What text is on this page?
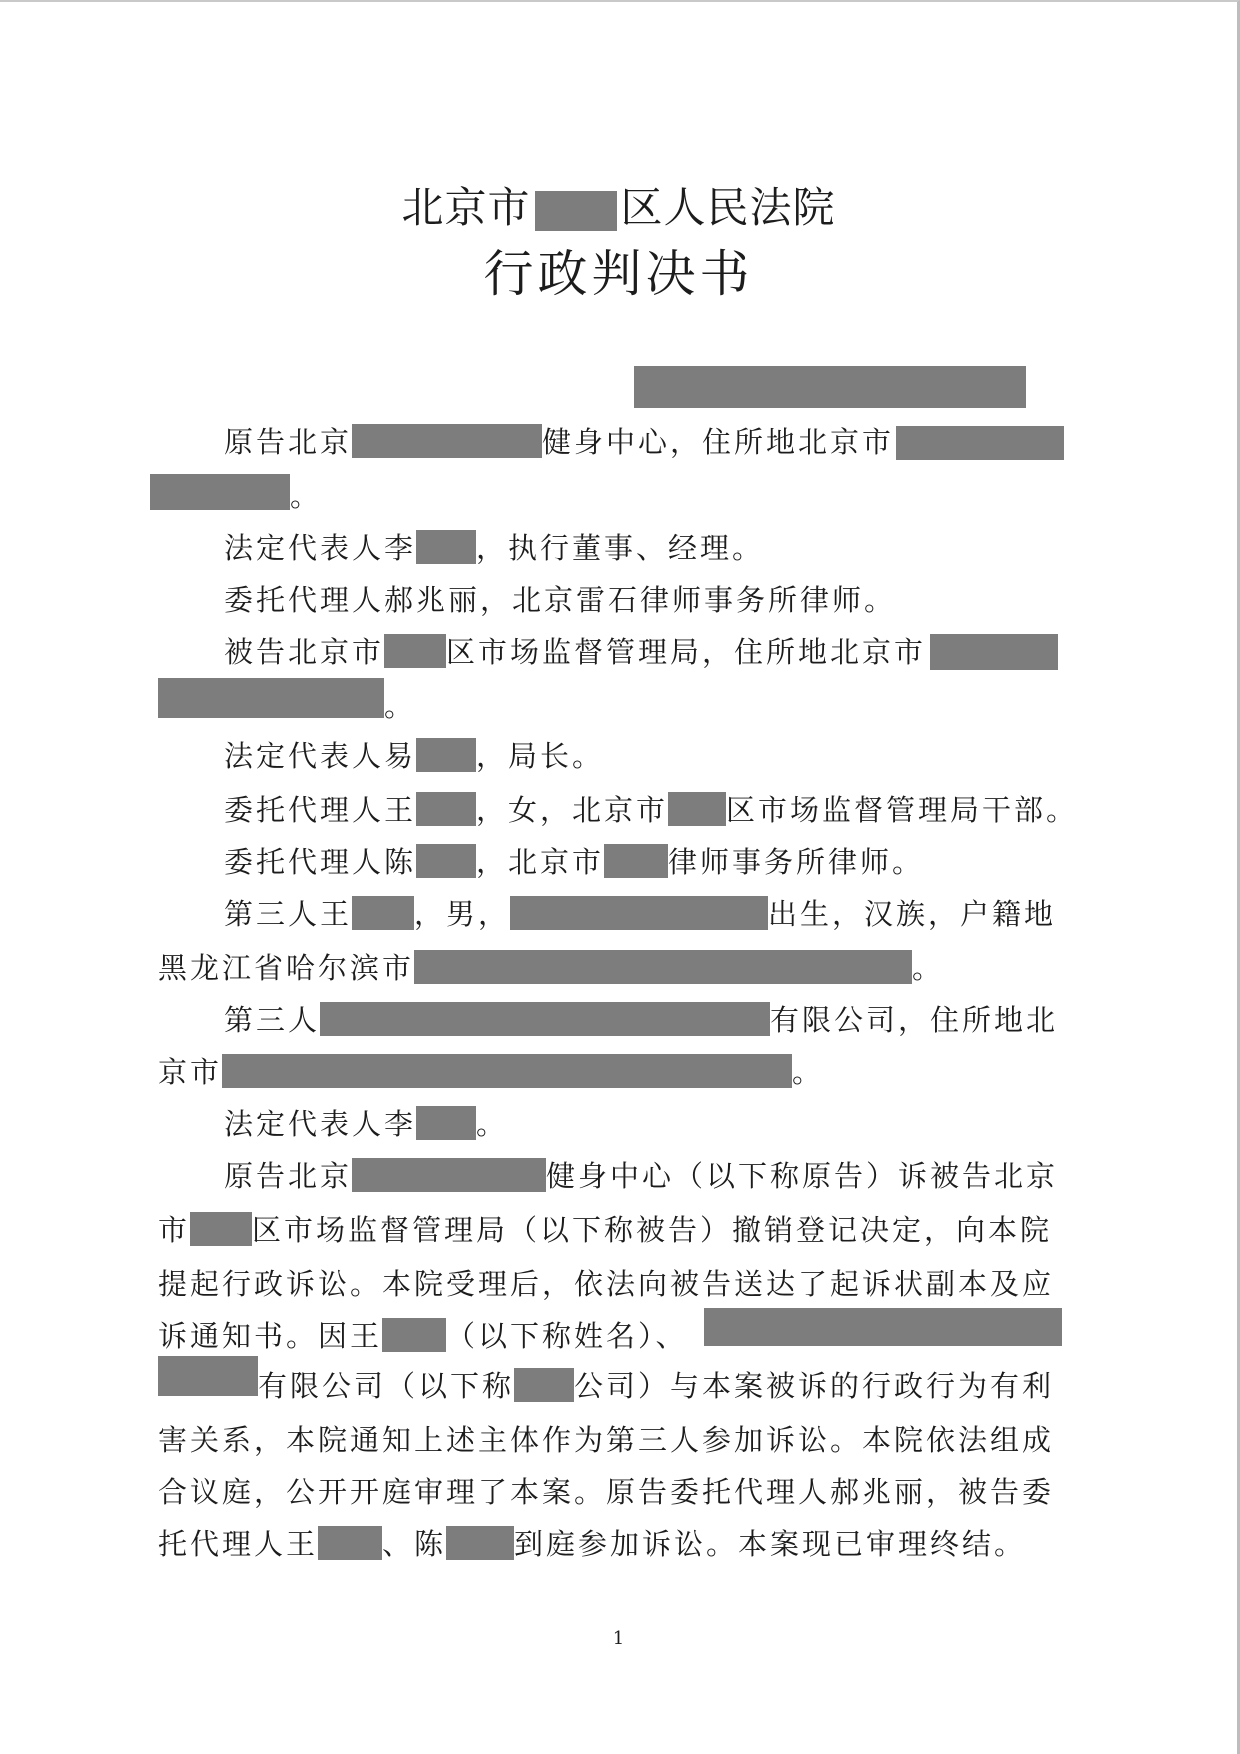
北京市 区人民法院
行政判决书
原告北京	健身中心，住所地北京市
。
法定代表人李 ，执行董事、经理。
委托代理人郝兆丽，北京雷石律师事务所律师。
被告北京市 区市场监督管理局，住所地北京市
。
法定代表人易 ，局长。
委托代理人王 ，女，北京市 区市场监督管理局干部。
委托代理人陈 ，北京市 律师事务所律师。
第三人王 ，男，	出生，汉族，户籍地
黑龙江省哈尔滨市	。
第三人	有限公司，住所地北
京市	。
法定代表人李 。
原告北京	健身中心（以下称原告）诉被告北京
市 区市场监督管理局（以下称被告）撤销登记决定，向本院
提起行政诉讼。本院受理后，依法向被告送达了起诉状副本及应
诉通知书。因王 （以下称姓名）、
有限公司（以下称 公司）与本案被诉的行政行为有利
害关系，本院通知上述主体作为第三人参加诉讼。本院依法组成
合议庭，公开开庭审理了本案。原告委托代理人郝兆丽，被告委
托代理人王 、陈 到庭参加诉讼。本案现已审理终结。
1
